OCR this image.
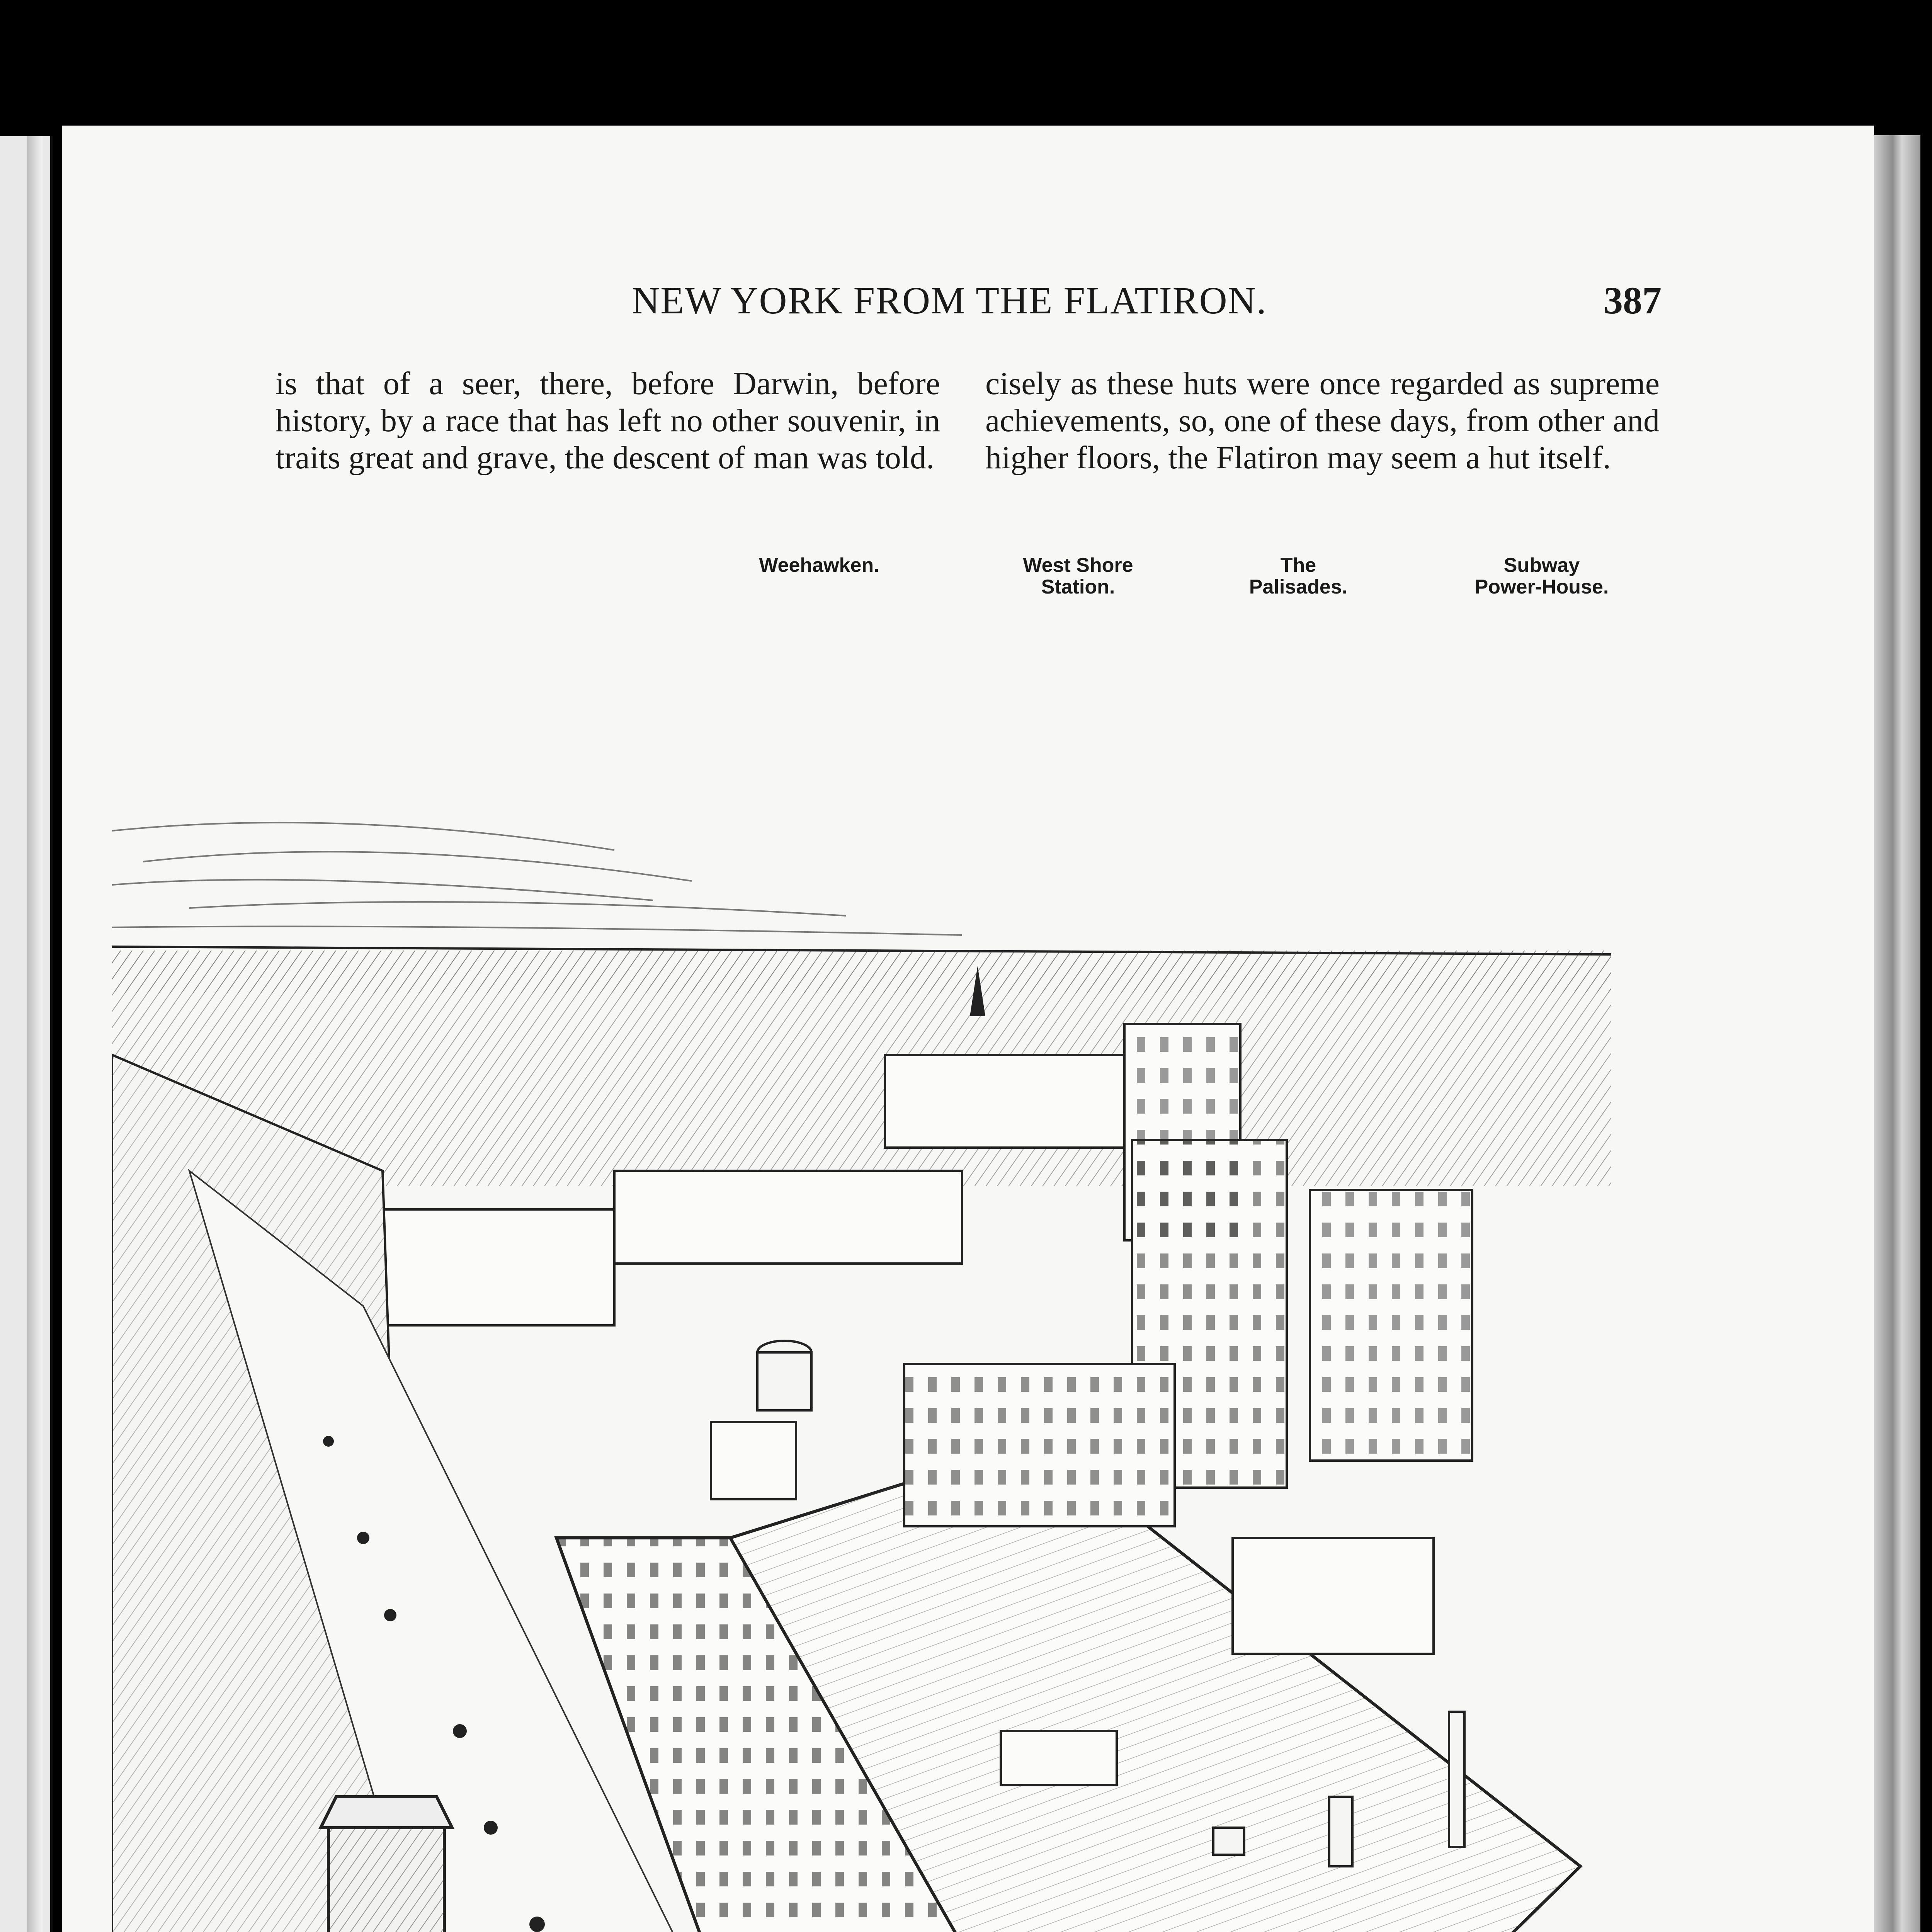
NEW YORK FROM THE FLATIRON.	387

is that of a seer, there, before Darwin, before history, by a race that has left no other souvenir, in traits great and grave, the descent of man was told.

cisely as these huts were once regarded as supreme achievements, so, one of these days, from other and higher floors, the Flatiron may seem a hut itself.

Weehawken.	West Shore
Station.
The
Palisades.
Subway
Power-House.
